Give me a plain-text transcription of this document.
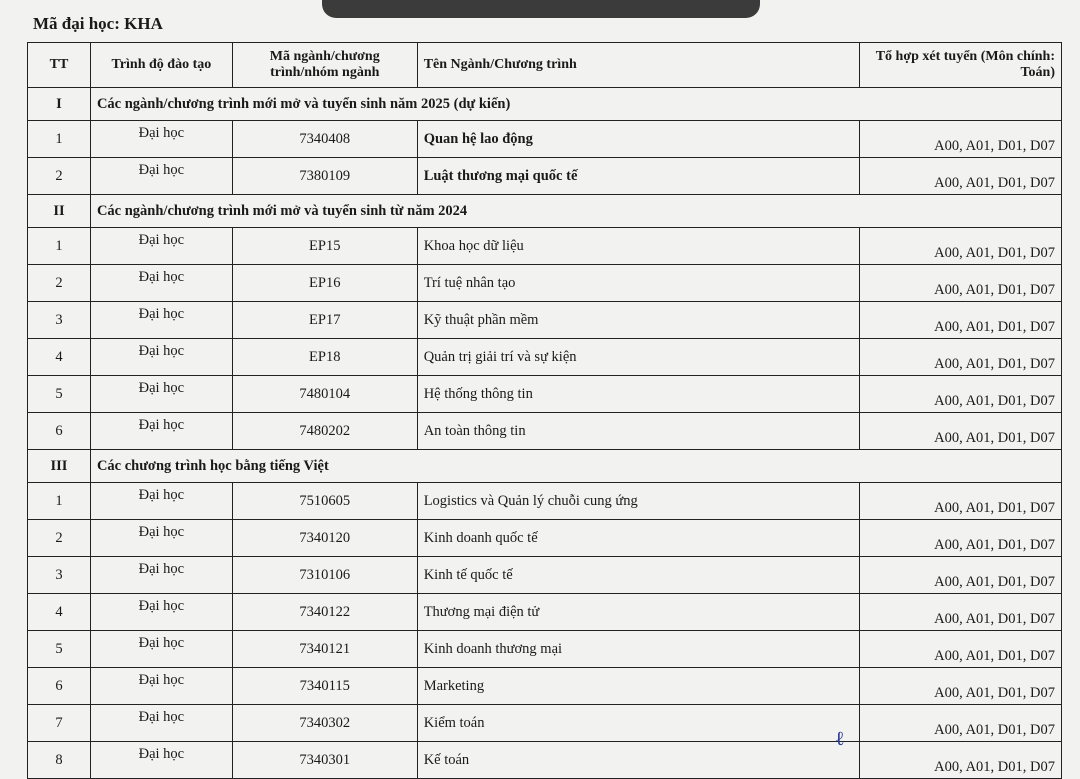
Mã đại học: KHA
TT	Trình độ đào tạo	Mã ngành/chương trình/nhóm ngành	Tên Ngành/Chương trình	Tổ hợp xét tuyển (Môn chính: Toán)
I	Các ngành/chương trình mới mở và tuyển sinh năm 2025 (dự kiến)			
1	Đại học	7340408	Quan hệ lao động	A00, A01, D01, D07
2	Đại học	7380109	Luật thương mại quốc tế	A00, A01, D01, D07
II	Các ngành/chương trình mới mở và tuyển sinh từ năm 2024			
1	Đại học	EP15	Khoa học dữ liệu	A00, A01, D01, D07
2	Đại học	EP16	Trí tuệ nhân tạo	A00, A01, D01, D07
3	Đại học	EP17	Kỹ thuật phần mềm	A00, A01, D01, D07
4	Đại học	EP18	Quản trị giải trí và sự kiện	A00, A01, D01, D07
5	Đại học	7480104	Hệ thống thông tin	A00, A01, D01, D07
6	Đại học	7480202	An toàn thông tin	A00, A01, D01, D07
III	Các chương trình học bằng tiếng Việt			
1	Đại học	7510605	Logistics và Quản lý chuỗi cung ứng	A00, A01, D01, D07
2	Đại học	7340120	Kinh doanh quốc tế	A00, A01, D01, D07
3	Đại học	7310106	Kinh tế quốc tế	A00, A01, D01, D07
4	Đại học	7340122	Thương mại điện tử	A00, A01, D01, D07
5	Đại học	7340121	Kinh doanh thương mại	A00, A01, D01, D07
6	Đại học	7340115	Marketing	A00, A01, D01, D07
7	Đại học	7340302	Kiểm toán	A00, A01, D01, D07
8	Đại học	7340301	Kế toán	A00, A01, D01, D07
ℓ
